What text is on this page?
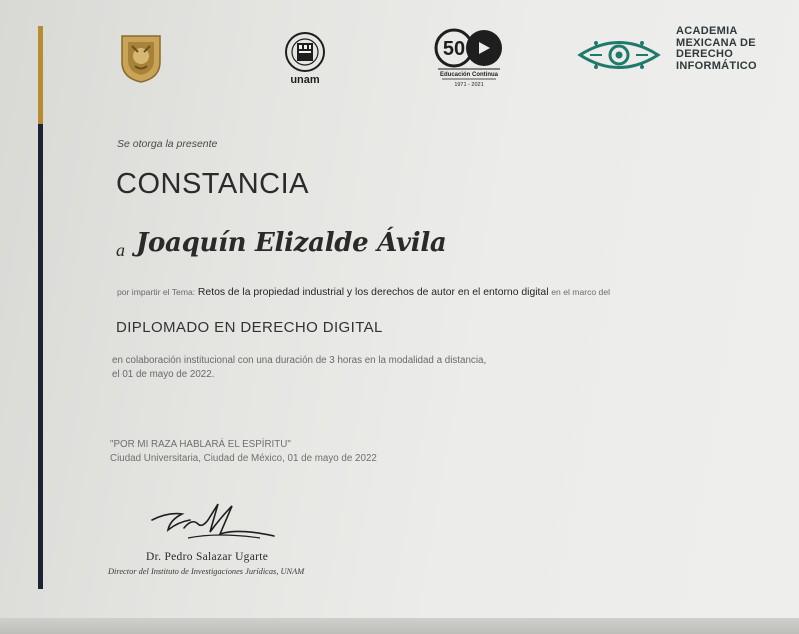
unam
50
Educación Continua
1971 - 2021
ACADEMIA
MEXICANA DE
DERECHO
INFORMÁTICO
Se otorga la presente
CONSTANCIA
a Joaquín Elizalde Ávila
por impartir el Tema: Retos de la propiedad industrial y los derechos de autor en el entorno digital en el marco del
DIPLOMADO EN DERECHO DIGITAL
en colaboración institucional con una duración de 3 horas en la modalidad a distancia,
el 01 de mayo de 2022.
"POR MI RAZA HABLARÁ EL ESPÍRITU"
Ciudad Universitaria, Ciudad de México, 01 de mayo de 2022
Dr. Pedro Salazar Ugarte
Director del Instituto de Investigaciones Jurídicas, UNAM
